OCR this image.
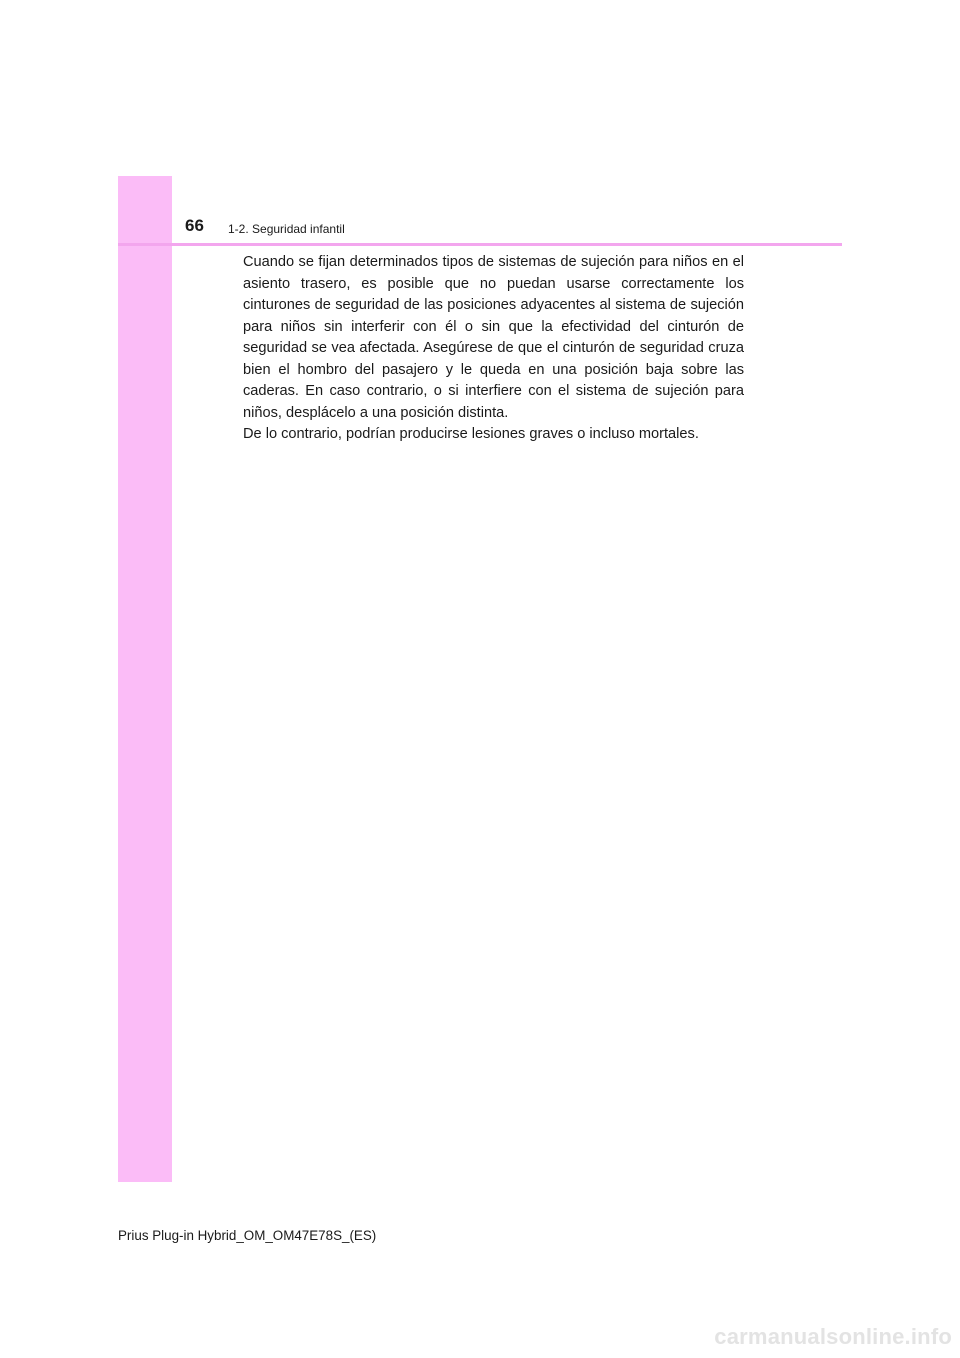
66 1-2. Seguridad infantil

Cuando se fijan determinados tipos de sistemas de sujeción para niños en el asiento trasero, es posible que no puedan usarse correctamente los cinturones de seguridad de las posiciones adyacentes al sistema de sujeción para niños sin interferir con él o sin que la efectividad del cinturón de seguridad se vea afectada. Asegúrese de que el cinturón de seguridad cruza bien el hombro del pasajero y le queda en una posición baja sobre las caderas. En caso contrario, o si interfiere con el sistema de sujeción para niños, desplácelo a una posición distinta.

De lo contrario, podrían producirse lesiones graves o incluso mortales.

Prius Plug-in Hybrid_OM_OM47E78S_(ES)
carmanualsonline.info
